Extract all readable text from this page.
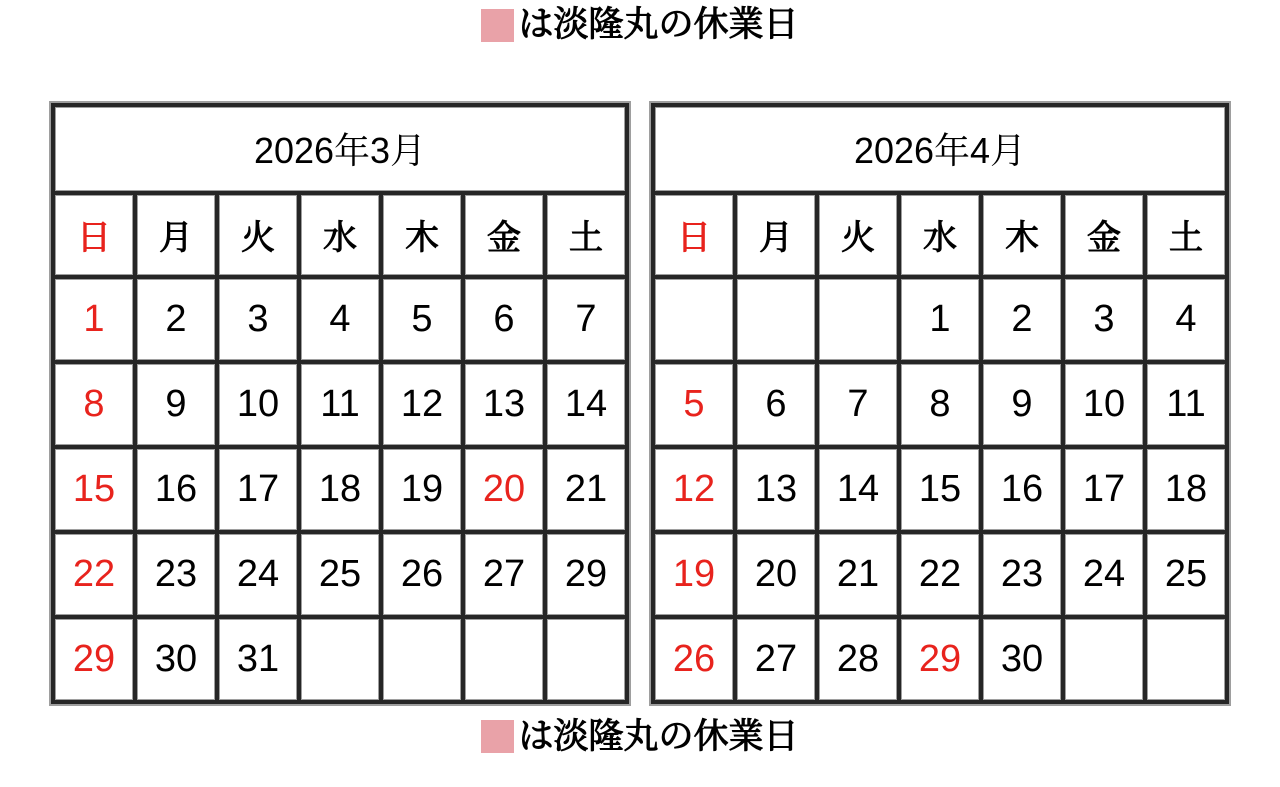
は淡隆丸の休業日
2026年3月						
日	月	火	水	木	金	土
1	2	3	4	5	6	7
8	9	10	11	12	13	14
15	16	17	18	19	20	21
22	23	24	25	26	27	29
29	30	31				
2026年4月						
日	月	火	水	木	金	土
			1	2	3	4
5	6	7	8	9	10	11
12	13	14	15	16	17	18
19	20	21	22	23	24	25
26	27	28	29	30		
は淡隆丸の休業日
